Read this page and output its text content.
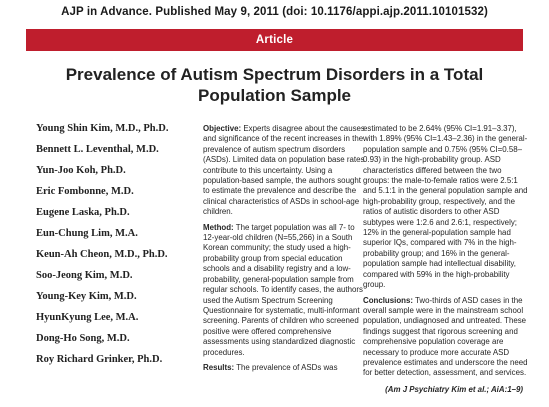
AJP in Advance. Published May 9, 2011 (doi: 10.1176/appi.ajp.2011.10101532)
Article
Prevalence of Autism Spectrum Disorders in a Total
Population Sample
Young Shin Kim, M.D., Ph.D.
Bennett L. Leventhal, M.D.
Yun-Joo Koh, Ph.D.
Eric Fombonne, M.D.
Eugene Laska, Ph.D.
Eun-Chung Lim, M.A.
Keun-Ah Cheon, M.D., Ph.D.
Soo-Jeong Kim, M.D.
Young-Key Kim, M.D.
HyunKyung Lee, M.A.
Dong-Ho Song, M.D.
Roy Richard Grinker, Ph.D.

Objective: Experts disagree about the causes and significance of the recent increases in the prevalence of autism spectrum disorders (ASDs). Limited data on population base rates contribute to this uncertainty. Using a population-based sample, the authors sought to estimate the prevalence and describe the clinical characteristics of ASDs in school-age children.

Method: The target population was all 7- to 12-year-old children (N=55,266) in a South Korean community; the study used a high-probability group from special education schools and a disability registry and a low-probability, general-population sample from regular schools. To identify cases, the authors used the Autism Spectrum Screening Questionnaire for systematic, multi-informant screening. Parents of children who screened positive were offered comprehensive assessments using standardized diagnostic procedures.

Results: The prevalence of ASDs was

estimated to be 2.64% (95% CI=1.91–3.37), with 1.89% (95% CI=1.43–2.36) in the general-population sample and 0.75% (95% CI=0.58–0.93) in the high-probability group. ASD characteristics differed between the two groups: the male-to-female ratios were 2.5:1 and 5.1:1 in the general population sample and high-probability group, respectively, and the ratios of autistic disorders to other ASD subtypes were 1:2.6 and 2.6:1, respectively; 12% in the general-population sample had superior IQs, compared with 7% in the high-probability group; and 16% in the general-population sample had intellectual disability, compared with 59% in the high-probability group.

Conclusions: Two-thirds of ASD cases in the overall sample were in the mainstream school population, undiagnosed and untreated. These findings suggest that rigorous screening and comprehensive population coverage are necessary to produce more accurate ASD prevalence estimates and underscore the need for better detection, assessment, and services.

(Am J Psychiatry Kim et al.; AiA:1–9)
